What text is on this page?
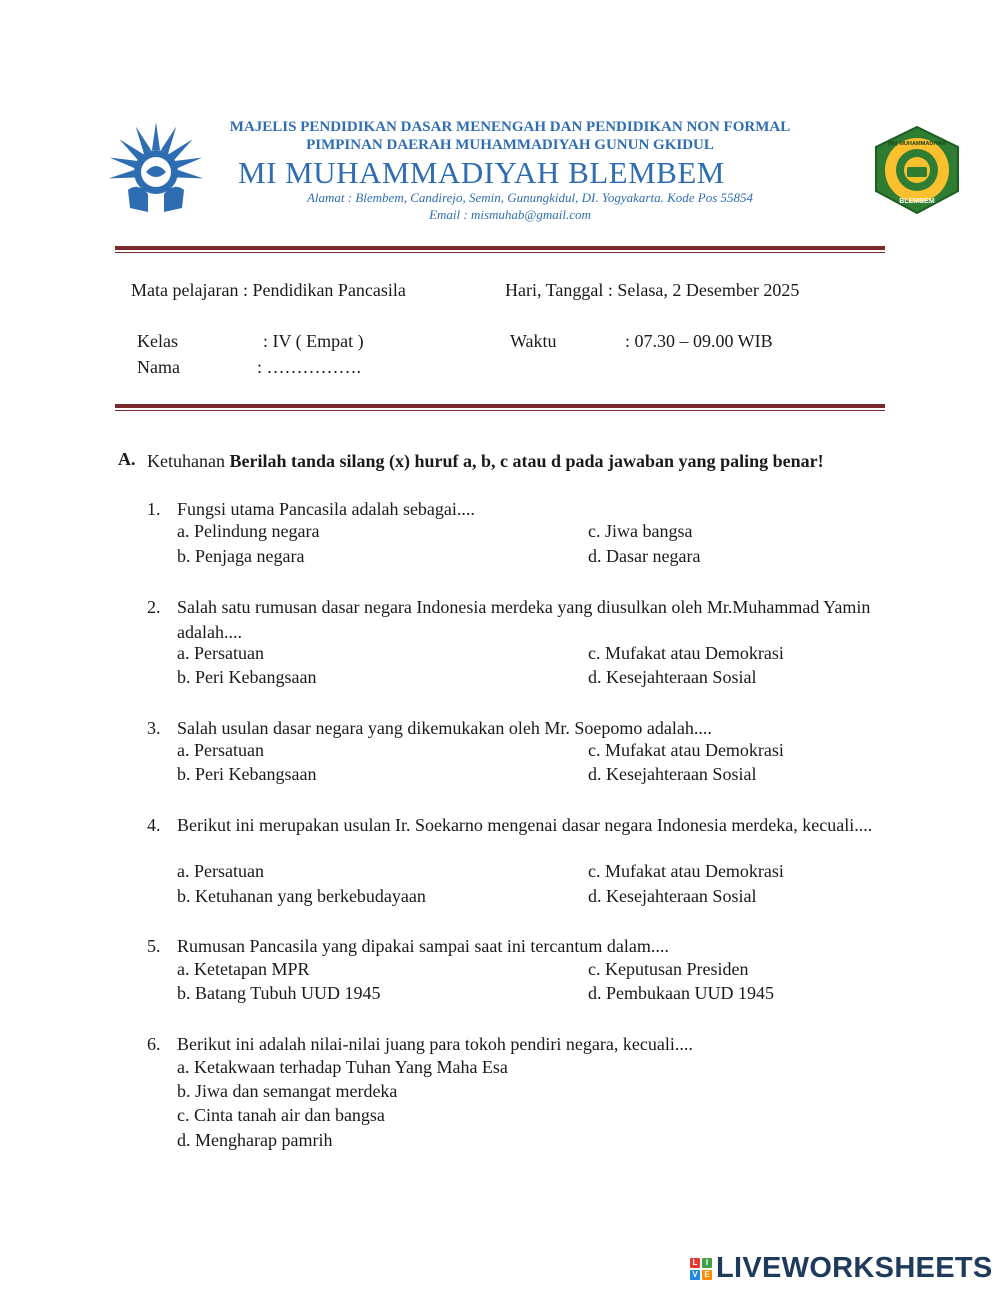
MAJELIS PENDIDIKAN DASAR MENENGAH DAN PENDIDIKAN NON FORMAL
PIMPINAN DAERAH MUHAMMADIYAH GUNUN GKIDUL
MI MUHAMMADIYAH BLEMBEM
Alamat : Blembem, Candirejo, Semin, Gunungkidul, DI. Yogyakarta. Kode Pos 55854
Email : mismuhab@gmail.com
(MI) MUHAMMADIYAH
BLEMBEM
Mata pelajaran : Pendidikan Pancasila	Hari, Tanggal : Selasa, 2 Desember 2025
Kelas	: IV ( Empat )	Waktu	: 07.30 – 09.00 WIB
Nama	: …………….
A. Ketuhanan Berilah tanda silang (x) huruf a, b, c atau d pada jawaban yang paling benar!
1. Fungsi utama Pancasila adalah sebagai....
a. Pelindung negara	c. Jiwa bangsa
b. Penjaga negara	d. Dasar negara
2. Salah satu rumusan dasar negara Indonesia merdeka yang diusulkan oleh Mr.Muhammad Yamin adalah....
a. Persatuan	c. Mufakat atau Demokrasi
b. Peri Kebangsaan	d. Kesejahteraan Sosial
3. Salah usulan dasar negara yang dikemukakan oleh Mr. Soepomo adalah....
a. Persatuan	c. Mufakat atau Demokrasi
b. Peri Kebangsaan	d. Kesejahteraan Sosial
4. Berikut ini merupakan usulan Ir. Soekarno mengenai dasar negara Indonesia merdeka, kecuali....
a. Persatuan	c. Mufakat atau Demokrasi
b. Ketuhanan yang berkebudayaan	d. Kesejahteraan Sosial
5. Rumusan Pancasila yang dipakai sampai saat ini tercantum dalam....
a. Ketetapan MPR	c. Keputusan Presiden
b. Batang Tubuh UUD 1945	d. Pembukaan UUD 1945
6. Berikut ini adalah nilai-nilai juang para tokoh pendiri negara, kecuali....
a. Ketakwaan terhadap Tuhan Yang Maha Esa
b. Jiwa dan semangat merdeka
c. Cinta tanah air dan bangsa
d. Mengharap pamrih
L	I
V E LIVEWORKSHEETS
